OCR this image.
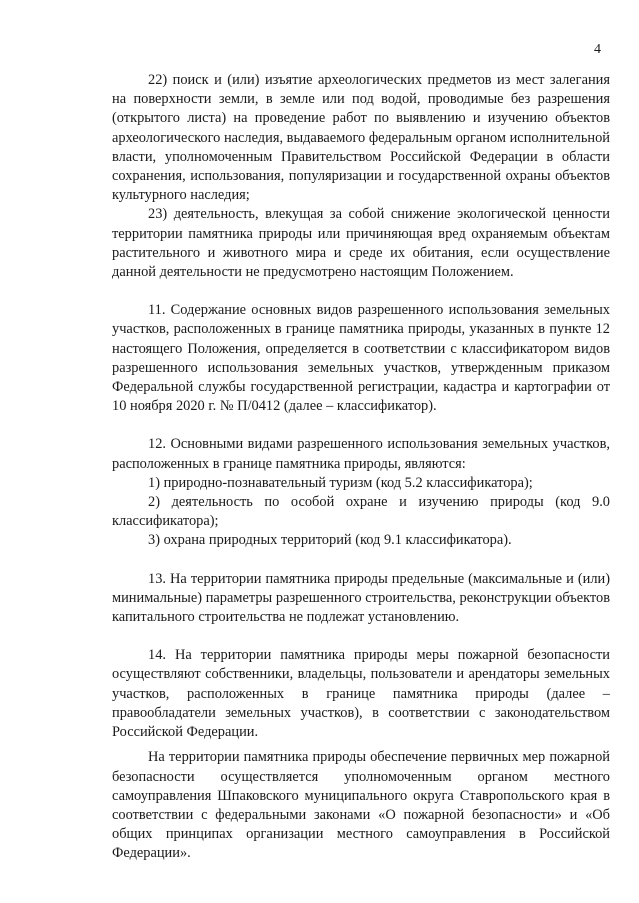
4

22) поиск и (или) изъятие археологических предметов из мест залегания на поверхности земли, в земле или под водой, проводимые без разрешения (открытого листа) на проведение работ по выявлению и изучению объектов археологического наследия, выдаваемого федеральным органом исполнительной власти, уполномоченным Правительством Российской Федерации в области сохранения, использования, популяризации и государственной охраны объектов культурного наследия;

23) деятельность, влекущая за собой снижение экологической ценности территории памятника природы или причиняющая вред охраняемым объектам растительного и животного мира и среде их обитания, если осуществление данной деятельности не предусмотрено настоящим Положением.

11. Содержание основных видов разрешенного использования земельных участков, расположенных в границе памятника природы, указанных в пункте 12 настоящего Положения, определяется в соответствии с классификатором видов разрешенного использования земельных участков, утвержденным приказом Федеральной службы государственной регистрации, кадастра и картографии от 10 ноября 2020 г. № П/0412 (далее – классификатор).

12. Основными видами разрешенного использования земельных участков, расположенных в границе памятника природы, являются:

1) природно-познавательный туризм (код 5.2 классификатора);

2) деятельность по особой охране и изучению природы (код 9.0 классификатора);

3) охрана природных территорий (код 9.1 классификатора).

13. На территории памятника природы предельные (максимальные и (или) минимальные) параметры разрешенного строительства, реконструкции объектов капитального строительства не подлежат установлению.

14. На территории памятника природы меры пожарной безопасности осуществляют собственники, владельцы, пользователи и арендаторы земельных участков, расположенных в границе памятника природы (далее – правообладатели земельных участков), в соответствии с законодательством Российской Федерации.

На территории памятника природы обеспечение первичных мер пожарной безопасности осуществляется уполномоченным органом местного самоуправления Шпаковского муниципального округа Ставропольского края в соответствии с федеральными законами «О пожарной безопасности» и «Об общих принципах организации местного самоуправления в Российской Федерации».
